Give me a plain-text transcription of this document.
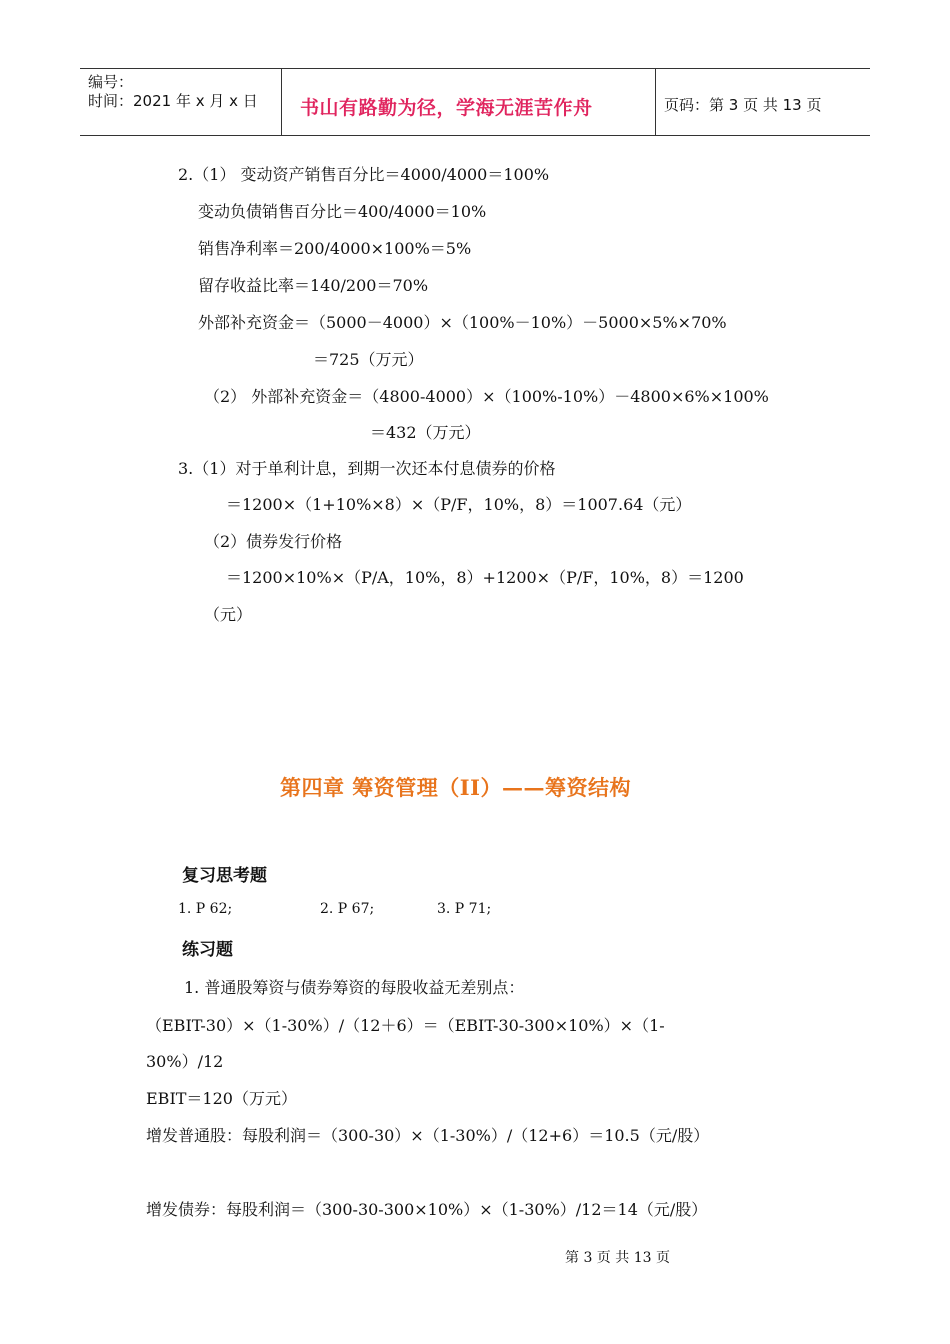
编号：
时间：2021 年 x 月 x 日 书山有路勤为径，学海无涯苦作舟	页码：第 3 页 共 13 页
2.（1） 变动资产销售百分比＝4000/4000＝100%
变动负债销售百分比＝400/4000＝10%
销售净利率＝200/4000×100%＝5%
留存收益比率＝140/200＝70%
外部补充资金＝（5000－4000）×（100%－10%）－5000×5%×70%
＝725（万元）
（2） 外部补充资金＝（4800-4000）×（100%-10%）－4800×6%×100%
＝432（万元）
3.（1）对于单利计息，到期一次还本付息债券的价格
＝1200×（1+10%×8）×（P/F，10%，8）＝1007.64（元）
（2）债券发行价格
＝1200×10%×（P/A，10%，8）+1200×（P/F，10%，8）＝1200
（元）
第四章 筹资管理（II）——筹资结构
复习思考题
1. P 62;	2. P 67;	3. P 71;
练习题
1. 普通股筹资与债券筹资的每股收益无差别点：
（EBIT-30）×（1-30%）/（12＋6）＝（EBIT-30-300×10%）×（1-
30%）/12
EBIT＝120（万元）
增发普通股：每股利润＝（300-30）×（1-30%）/（12+6）＝10.5（元/股）
增发债券：每股利润＝（300-30-300×10%）×（1-30%）/12＝14（元/股）
第 3 页 共 13 页
